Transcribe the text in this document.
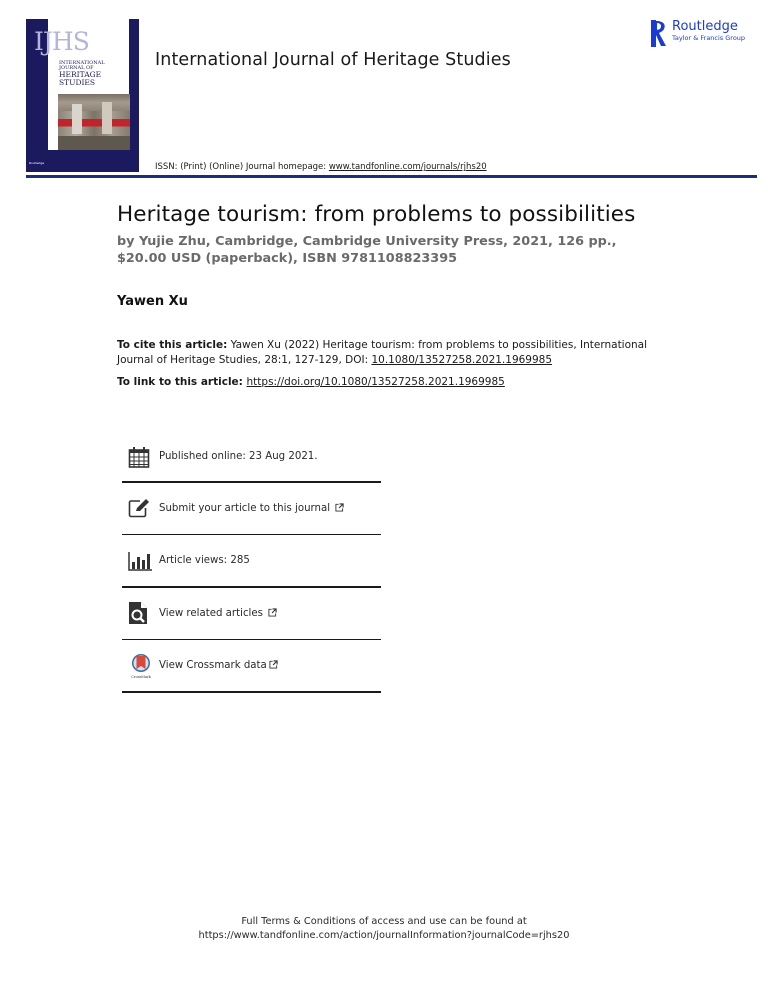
Routledge
IJHS
INTERNATIONAL
JOURNAL OF
HERITAGE
STUDIES
International Journal of Heritage Studies
ISSN: (Print) (Online) Journal homepage: www.tandfonline.com/journals/rjhs20
Routledge
Taylor & Francis Group
Heritage tourism: from problems to possibilities
by Yujie Zhu, Cambridge, Cambridge University Press, 2021, 126 pp., $20.00 USD (paperback), ISBN 9781108823395
Yawen Xu
To cite this article: Yawen Xu (2022) Heritage tourism: from problems to possibilities, International Journal of Heritage Studies, 28:1, 127-129, DOI: 10.1080/13527258.2021.1969985
To link to this article: https://doi.org/10.1080/13527258.2021.1969985
Published online: 23 Aug 2021.
Submit your article to this journal
Article views: 285
View related articles
CrossMark
View Crossmark data
Full Terms & Conditions of access and use can be found at
https://www.tandfonline.com/action/journalInformation?journalCode=rjhs20
